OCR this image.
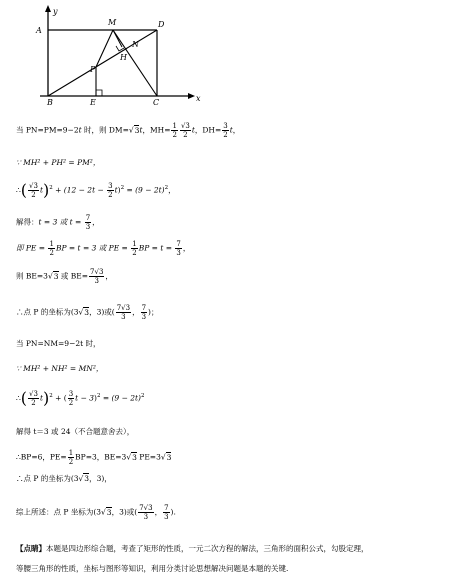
y
x
A
M	D
N
H
P
B	E	C
当 PN=PM=9−2t 时，则 DM=√3t，$MH= \frac{1}{2} \frac{√3}{2}$ t，$DH= \frac{3}{2}$ t，
∵ MH² + PH² = PM²，
∴( $\frac{√3}{2} t)^2 + (12 - 2t - \frac{3}{2} t)^2 = (9 - 2t)^2$，
解得：t = 3 或 $t = \frac{7}{3}$ ，
即 PE = $\frac{1}{2}$ BP = t = 3 或 PE = $\frac{1}{2}$ BP = $t = \frac{7}{3}$ ，
则 BE=3√3 或 $BE= \frac{7√3}{3}$ ，
∴点 P 的坐标为(3√3，3)或( $\frac{7√3}{3}$ ， $\frac{7}{3}$ )；
当 PN=NM=9−2t 时，
∵ MH² + NH² = MN²，
∴( $\frac{√3}{2} t)^2$ + ( $\frac{3}{2}$ $t - 3)^2 = (9 - 2t)^2$
解得 t＝3 或 24（不合题意舍去），
∴BP=6，$PE= \frac{1}{2} BP=3$，BE=3√3 PE=3√3
∴点 P 的坐标为(3√3，3)，
综上所述：点 P 坐标为(3√3，3)或( $\frac{7√3}{3}$ ， $\frac{7}{3}$ ).
【点睛】本题是四边形综合题，考查了矩形的性质，一元二次方程的解法，三角形的面积公式，勾股定理，
等腰三角形的性质，坐标与图形等知识，利用分类讨论思想解决问题是本题的关键.
